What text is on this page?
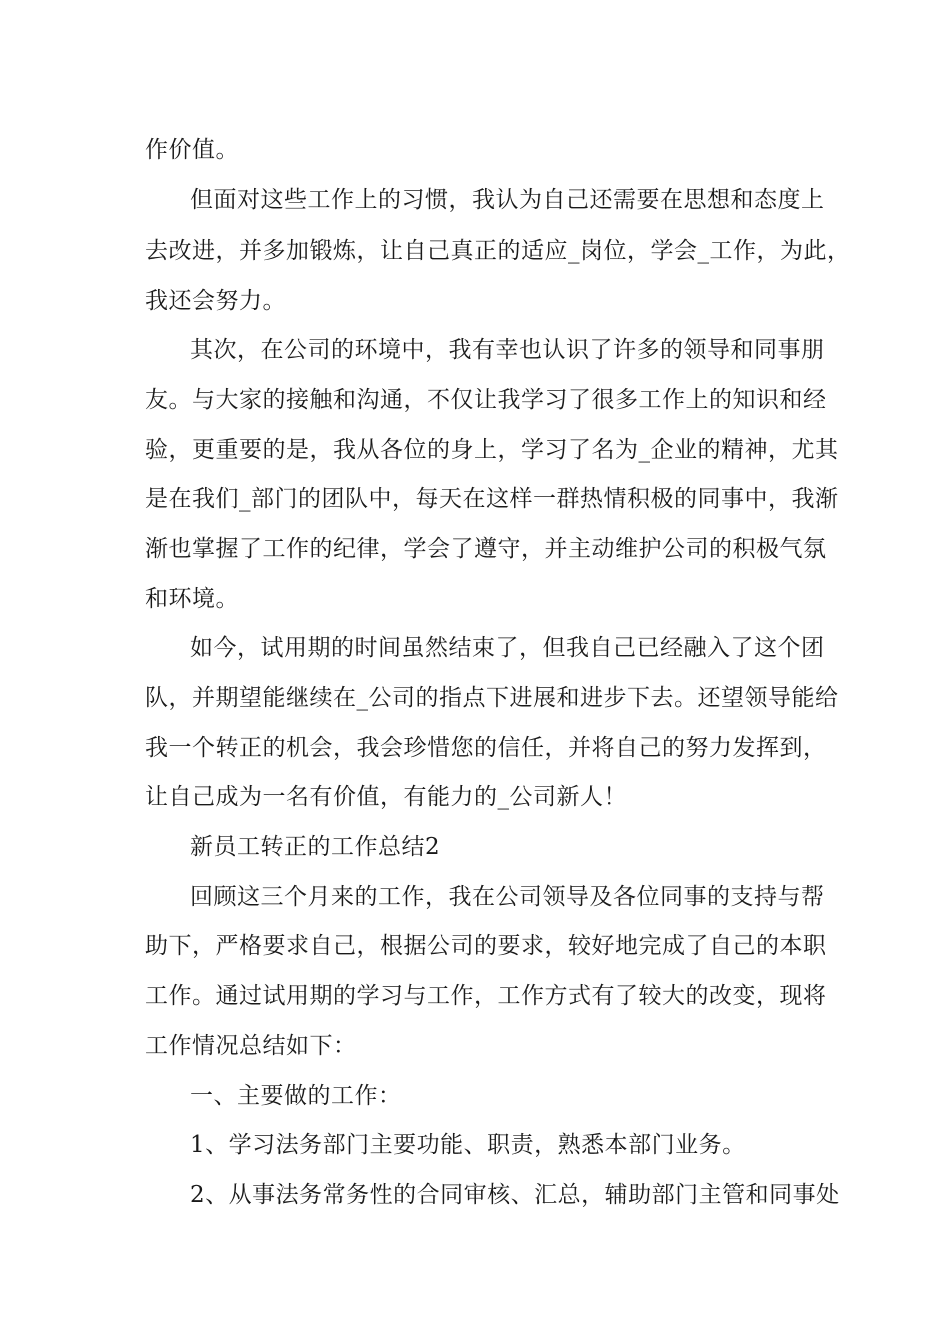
作价值。
但面对这些工作上的习惯，我认为自己还需要在思想和态度上
去改进，并多加锻炼，让自己真正的适应_岗位，学会_工作，为此，
我还会努力。
其次，在公司的环境中，我有幸也认识了许多的领导和同事朋
友。与大家的接触和沟通，不仅让我学习了很多工作上的知识和经
验，更重要的是，我从各位的身上，学习了名为_企业的精神，尤其
是在我们_部门的团队中，每天在这样一群热情积极的同事中，我渐
渐也掌握了工作的纪律，学会了遵守，并主动维护公司的积极气氛
和环境。
如今，试用期的时间虽然结束了，但我自己已经融入了这个团
队，并期望能继续在_公司的指点下进展和进步下去。还望领导能给
我一个转正的机会，我会珍惜您的信任，并将自己的努力发挥到，
让自己成为一名有价值，有能力的_公司新人！
新员工转正的工作总结2
回顾这三个月来的工作，我在公司领导及各位同事的支持与帮
助下，严格要求自己，根据公司的要求，较好地完成了自己的本职
工作。通过试用期的学习与工作，工作方式有了较大的改变，现将
工作情况总结如下：
一、主要做的工作：
1、学习法务部门主要功能、职责，熟悉本部门业务。
2、从事法务常务性的合同审核、汇总，辅助部门主管和同事处
